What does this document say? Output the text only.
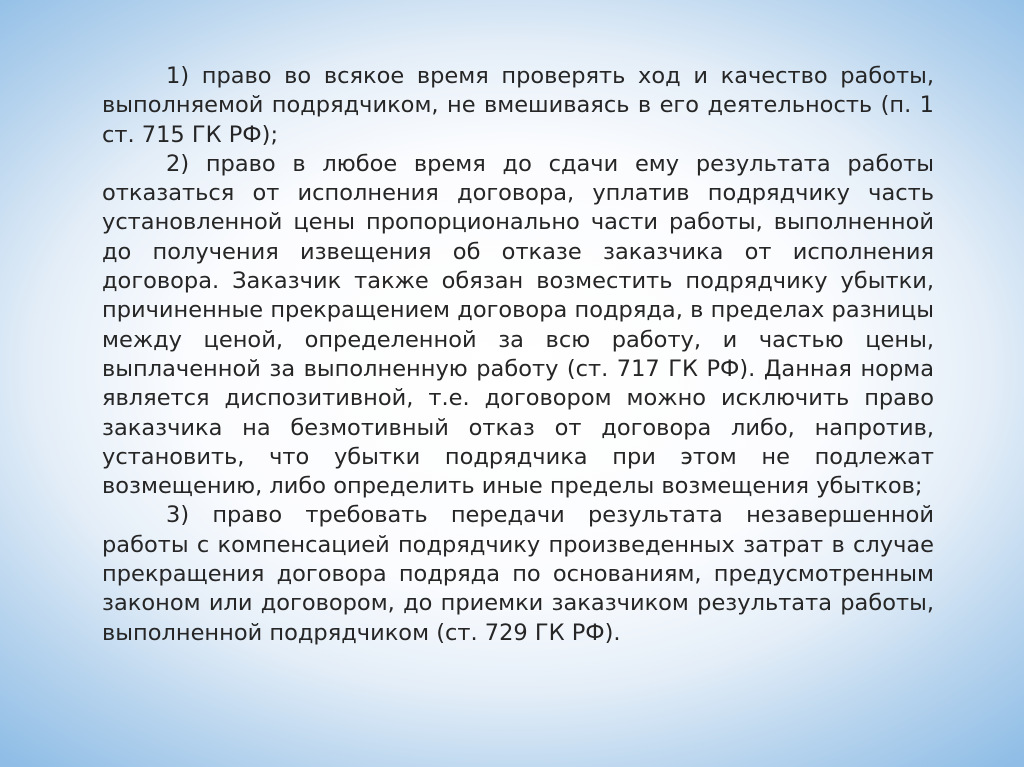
1) право во всякое время проверять ход и качество работы, выполняемой подрядчиком, не вмешиваясь в его деятельность (п. 1 ст. 715 ГК РФ);

2) право в любое время до сдачи ему результата работы отказаться от исполнения договора, уплатив подрядчику часть установленной цены пропорционально части работы, выполненной до получения извещения об отказе заказчика от исполнения договора. Заказчик также обязан возместить подрядчику убытки, причиненные прекращением договора подряда, в пределах разницы между ценой, определенной за всю работу, и частью цены, выплаченной за выполненную работу (ст. 717 ГК РФ). Данная норма является диспозитивной, т.е. договором можно исключить право заказчика на безмотивный отказ от договора либо, напротив, установить, что убытки подрядчика при этом не подлежат возмещению, либо определить иные пределы возмещения убытков;

3) право требовать передачи результата незавершенной работы с компенсацией подрядчику произведенных затрат в случае прекращения договора подряда по основаниям, предусмотренным законом или договором, до приемки заказчиком результата работы, выполненной подрядчиком (ст. 729 ГК РФ).
